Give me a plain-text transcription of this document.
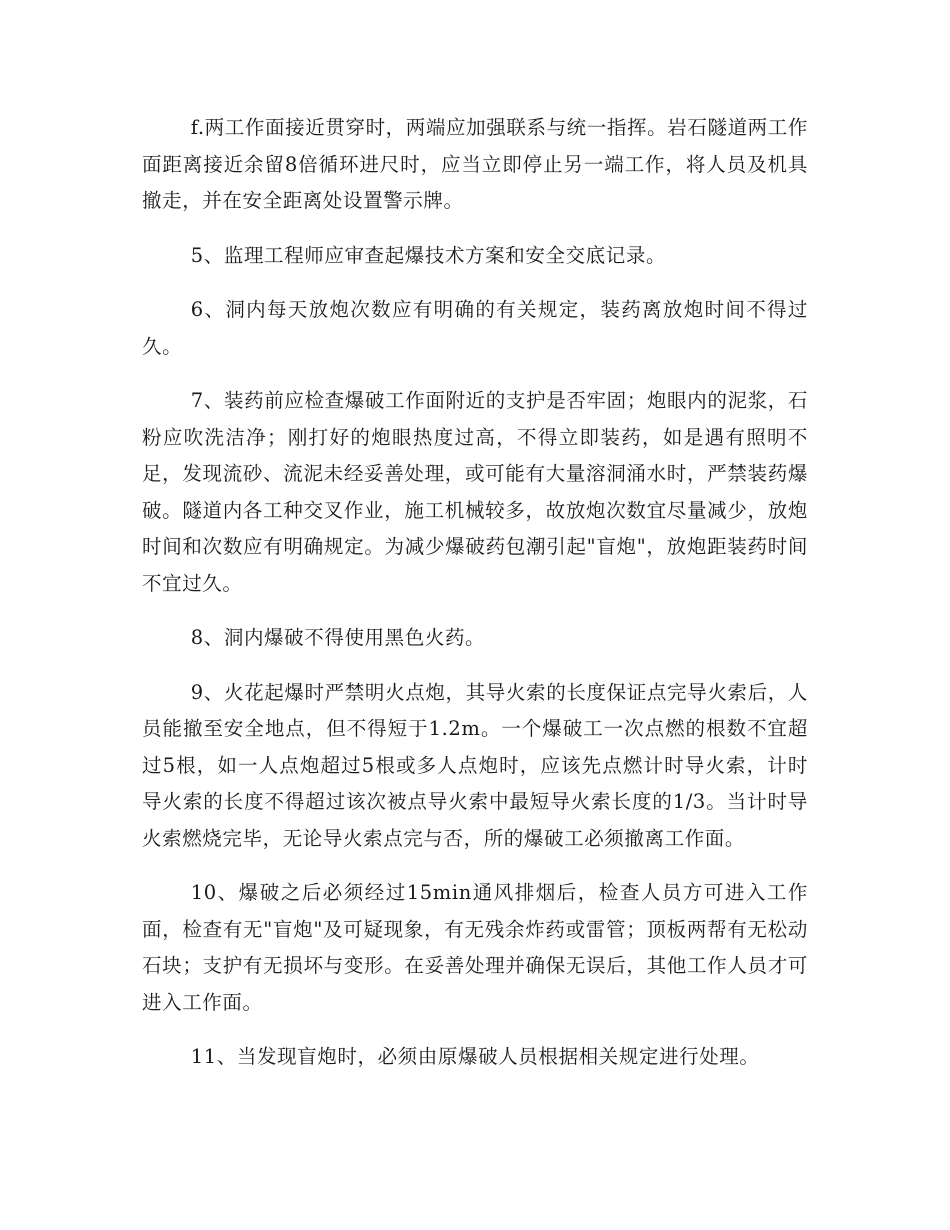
f.两工作面接近贯穿时，两端应加强联系与统一指挥。岩石隧道两工作面距离接近余留8倍循环进尺时，应当立即停止另一端工作，将人员及机具撤走，并在安全距离处设置警示牌。

5、监理工程师应审查起爆技术方案和安全交底记录。

6、洞内每天放炮次数应有明确的有关规定，装药离放炮时间不得过久。

7、装药前应检查爆破工作面附近的支护是否牢固；炮眼内的泥浆，石粉应吹洗洁净；刚打好的炮眼热度过高，不得立即装药，如是遇有照明不足，发现流砂、流泥未经妥善处理，或可能有大量溶洞涌水时，严禁装药爆破。隧道内各工种交叉作业，施工机械较多，故放炮次数宜尽量减少，放炮时间和次数应有明确规定。为减少爆破药包潮引起"盲炮"，放炮距装药时间不宜过久。

8、洞内爆破不得使用黑色火药。

9、火花起爆时严禁明火点炮，其导火索的长度保证点完导火索后，人员能撤至安全地点，但不得短于1.2m。一个爆破工一次点燃的根数不宜超过5根，如一人点炮超过5根或多人点炮时，应该先点燃计时导火索，计时导火索的长度不得超过该次被点导火索中最短导火索长度的1/3。当计时导火索燃烧完毕，无论导火索点完与否，所的爆破工必须撤离工作面。

10、爆破之后必须经过15min通风排烟后，检查人员方可进入工作面，检查有无"盲炮"及可疑现象，有无残余炸药或雷管；顶板两帮有无松动石块；支护有无损坏与变形。在妥善处理并确保无误后，其他工作人员才可进入工作面。

11、当发现盲炮时，必须由原爆破人员根据相关规定进行处理。
